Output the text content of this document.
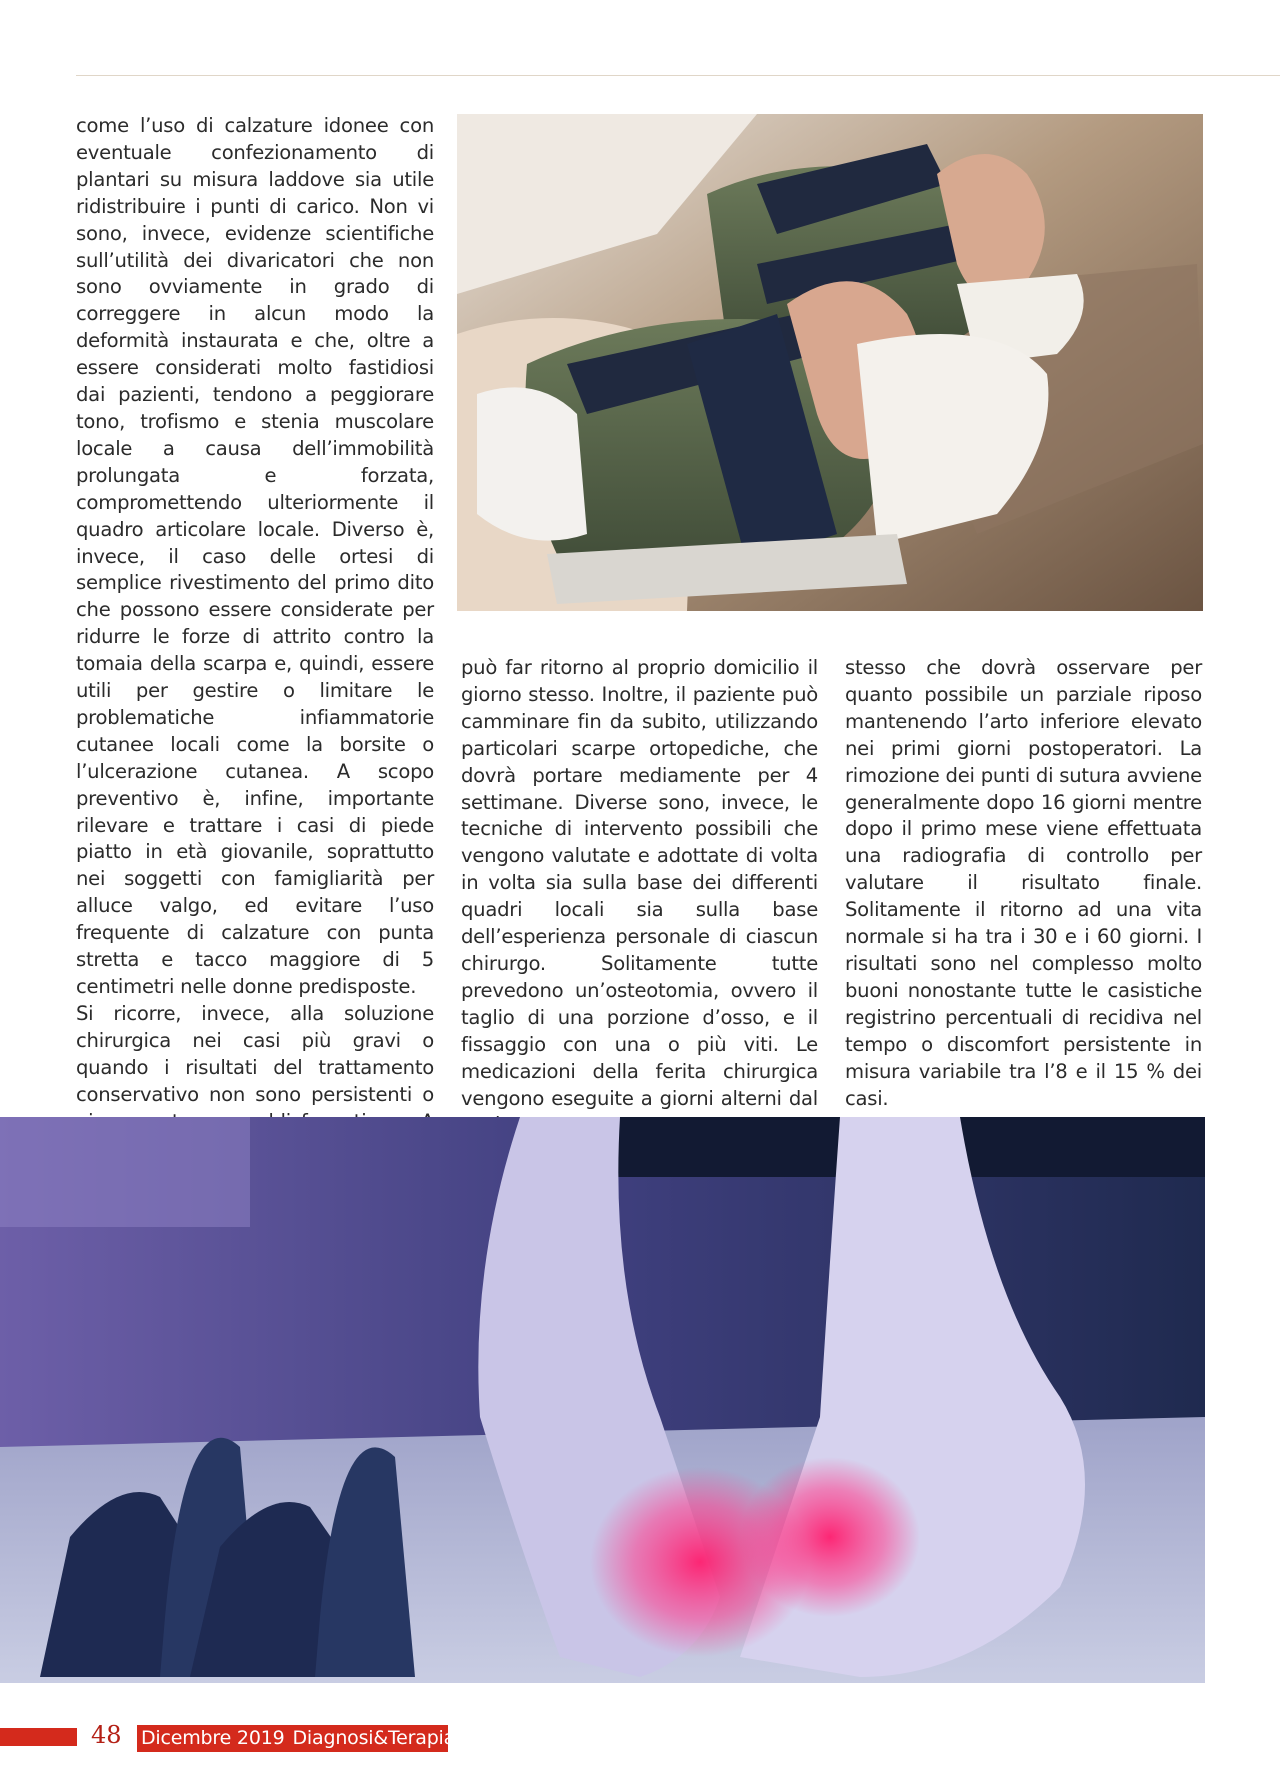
come l’uso di calzature idonee con eventuale confezionamento di plantari su misura laddove sia utile ridistribuire i punti di carico. Non vi sono, invece, evidenze scientifiche sull’utilità dei divaricatori che non sono ovviamente in grado di correggere in alcun modo la deformità instaurata e che, oltre a essere considerati molto fastidiosi dai pazienti, tendono a peggiorare tono, trofismo e stenia muscolare locale a causa dell’immobilità prolungata e forzata, compromettendo ulteriormente il quadro articolare locale. Diverso è, invece, il caso delle ortesi di semplice rivestimento del primo dito che possono essere considerate per ridurre le forze di attrito contro la tomaia della scarpa e, quindi, essere utili per gestire o limitare le problematiche infiammatorie cutanee locali come la borsite o l’ulcerazione cutanea. A scopo preventivo è, infine, importante rilevare e trattare i casi di piede piatto in età giovanile, soprattutto nei soggetti con famigliarità per alluce valgo, ed evitare l’uso frequente di calzature con punta stretta e tacco maggiore di 5 centimetri nelle donne predisposte.

Si ricorre, invece, alla soluzione chirurgica nei casi più gravi o quando i risultati del trattamento conservativo non sono persistenti o

può far ritorno al proprio domicilio il giorno stesso. Inoltre, il paziente può camminare fin da subito, utilizzando particolari scarpe ortopediche, che dovrà portare mediamente per 4 settimane. Diverse sono, invece, le tecniche di intervento possibili che vengono valutate e adottate di volta in volta sia sulla base dei differenti quadri locali sia sulla base dell’esperienza personale di ciascun chirurgo. Solitamente tutte prevedono un’osteotomia, ovvero il taglio di una porzione d’osso, e il fissaggio con una o più viti. Le medicazioni della ferita chirurgica vengono eseguite a giorni alterni dal

stesso che dovrà osservare per quanto possibile un parziale riposo mantenendo l’arto inferiore elevato nei primi giorni postoperatori. La rimozione dei punti di sutura avviene generalmente dopo 16 giorni mentre dopo il primo mese viene effettuata una radiografia di controllo per valutare il risultato finale. Solitamente il ritorno ad una vita normale si ha tra i 30 e i 60 giorni. I risultati sono nel complesso molto buoni nonostante tutte le casistiche registrino percentuali di recidiva nel tempo o discomfort persistente in misura variabile tra l’8 e il 15 % dei casi.

48 Dicembre 2019 Diagnosi&Terapia
